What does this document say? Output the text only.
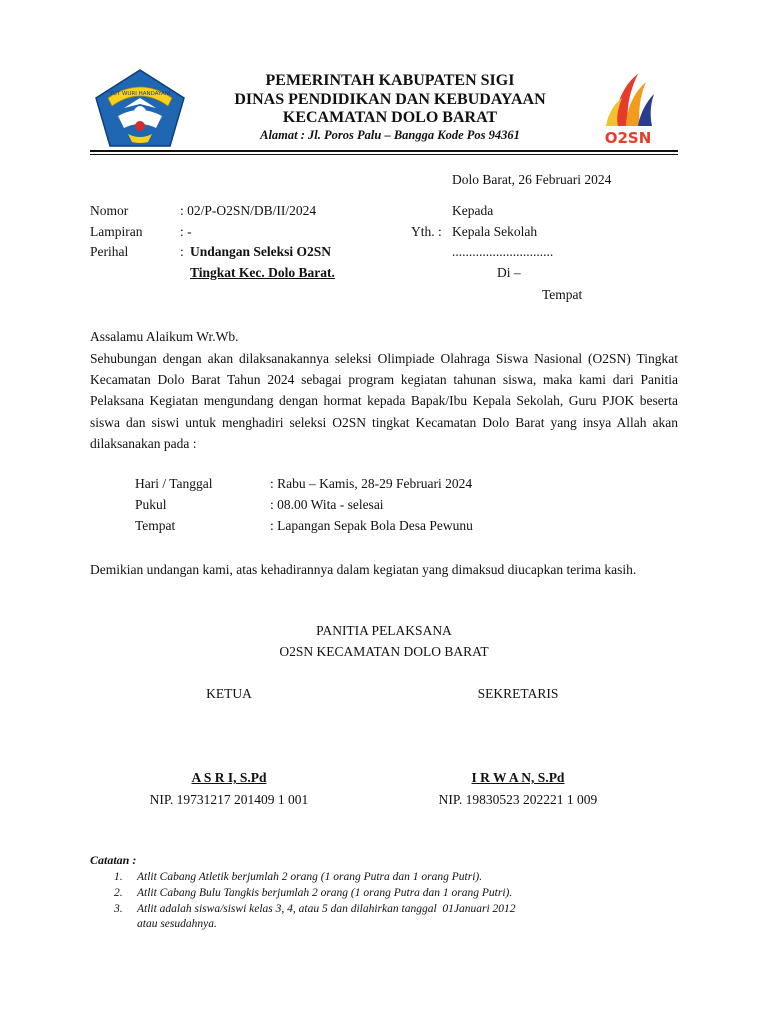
TUT WURI HANDAYANI
O2SN
PEMERINTAH KABUPATEN SIGI
DINAS PENDIDIKAN DAN KEBUDAYAAN
KECAMATAN DOLO BARAT
Alamat : Jl. Poros Palu – Bangga Kode Pos 94361
Dolo Barat, 26 Februari 2024
Nomor	: 02/P-O2SN/DB/II/2024
Lampiran	: -
Perihal	: Undangan Seleksi O2SN
Tingkat Kec. Dolo Barat.
Kepada
Yth. : Kepala Sekolah
..............................
Di –
Tempat
Assalamu Alaikum Wr.Wb.
Sehubungan dengan akan dilaksanakannya seleksi Olimpiade Olahraga Siswa Nasional (O2SN) Tingkat Kecamatan Dolo Barat Tahun 2024 sebagai program kegiatan tahunan siswa, maka kami dari Panitia Pelaksana Kegiatan mengundang dengan hormat kepada Bapak/Ibu Kepala Sekolah, Guru PJOK beserta siswa dan siswi untuk menghadiri seleksi O2SN tingkat Kecamatan Dolo Barat yang insya Allah akan dilaksanakan pada :
Hari / Tanggal	: Rabu – Kamis, 28-29 Februari 2024
Pukul	: 08.00 Wita - selesai
Tempat	: Lapangan Sepak Bola Desa Pewunu
Demikian undangan kami, atas kehadirannya dalam kegiatan yang dimaksud diucapkan terima kasih.
PANITIA PELAKSANA
O2SN KECAMATAN DOLO BARAT
KETUA	SEKRETARIS
A S R I, S.Pd	I R W A N, S.Pd
NIP. 19731217 201409 1 001	NIP. 19830523 202221 1 009
Catatan :
1. Atlit Cabang Atletik berjumlah 2 orang (1 orang Putra dan 1 orang Putri).
2. Atlit Cabang Bulu Tangkis berjumlah 2 orang (1 orang Putra dan 1 orang Putri).
3. Atlit adalah siswa/siswi kelas 3, 4, atau 5 dan dilahirkan tanggal  01Januari 2012
atau sesudahnya.
